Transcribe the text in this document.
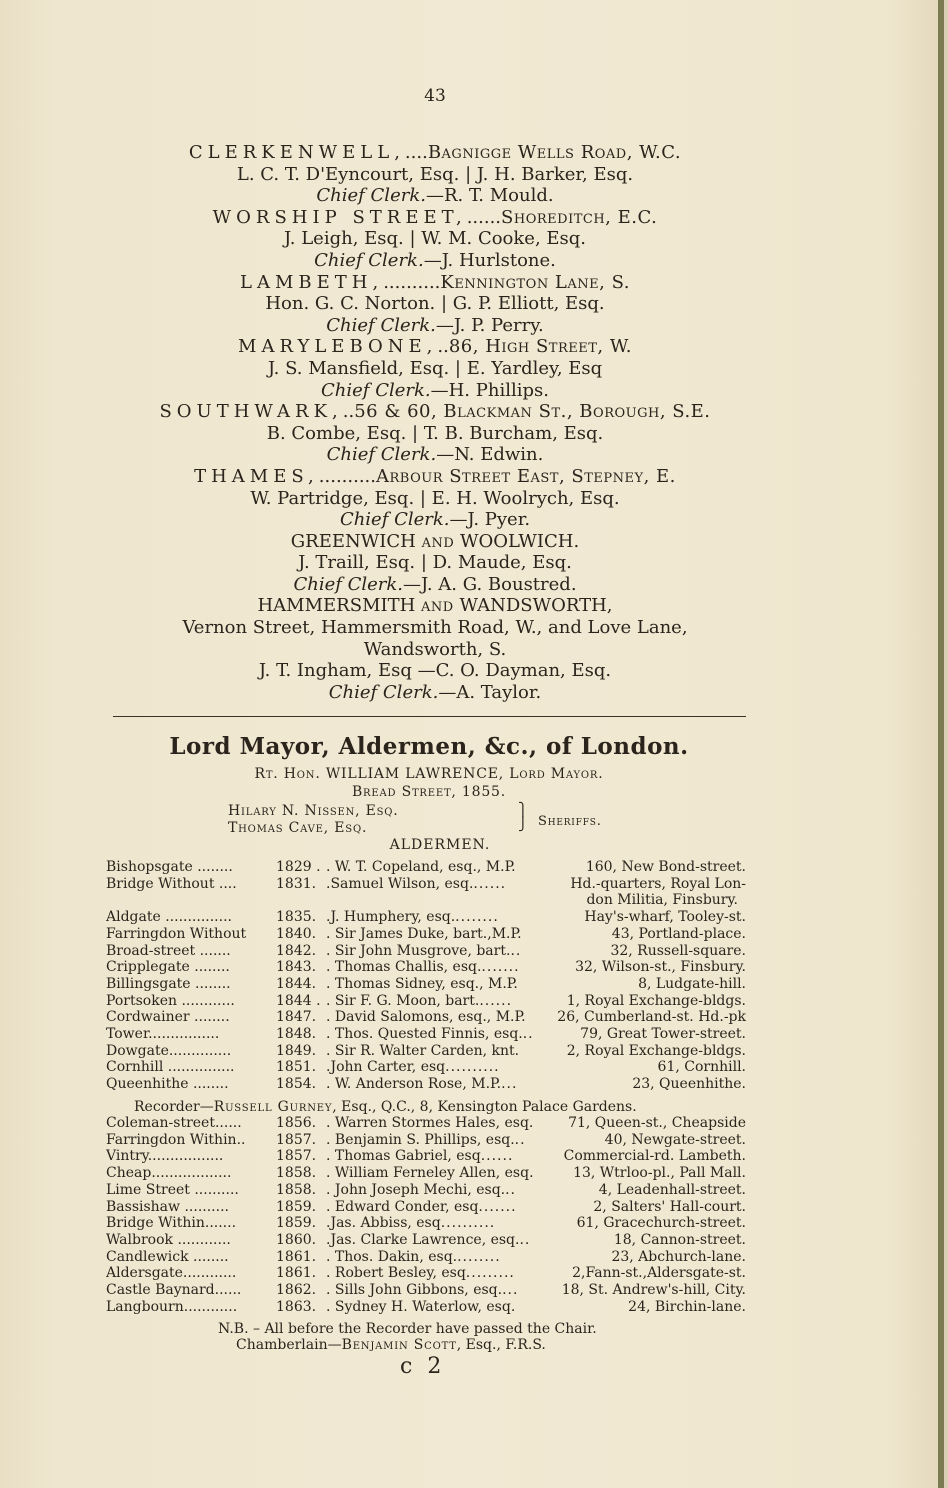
43
CLERKENWELL,....Bagnigge Wells Road, W.C.
L. C. T. D'Eyncourt, Esq. | J. H. Barker, Esq.
Chief Clerk.—R. T. Mould.
WORSHIP STREET,......Shoreditch, E.C.
J. Leigh, Esq. | W. M. Cooke, Esq.
Chief Clerk.—J. Hurlstone.
LAMBETH,..........Kennington Lane, S.
Hon. G. C. Norton. | G. P. Elliott, Esq.
Chief Clerk.—J. P. Perry.
MARYLEBONE,..86, High Street, W.
J. S. Mansfield, Esq. | E. Yardley, Esq
Chief Clerk.—H. Phillips.
SOUTHWARK,..56 & 60, Blackman St., Borough, S.E.
B. Combe, Esq. | T. B. Burcham, Esq.
Chief Clerk.—N. Edwin.
THAMES,..........Arbour Street East, Stepney, E.
W. Partridge, Esq. | E. H. Woolrych, Esq.
Chief Clerk.—J. Pyer.
GREENWICH and WOOLWICH.
J. Traill, Esq. | D. Maude, Esq.
Chief Clerk.—J. A. G. Boustred.
HAMMERSMITH and WANDSWORTH,
Vernon Street, Hammersmith Road, W., and Love Lane,
Wandsworth, S.
J. T. Ingham, Esq —C. O. Dayman, Esq.
Chief Clerk.—A. Taylor.
Lord Mayor, Aldermen, &c., of London.
Rt. Hon. WILLIAM LAWRENCE, Lord Mayor.
Bread Street, 1855.
Hilary N. Nissen, Esq.
Thomas Cave, Esq.
⎫
⎭ Sheriffs.
ALDERMEN.
Bishopsgate ........	1829 . . W. T. Copeland, esq., M.P.	160, New Bond-street.
Bridge Without ....	1831. .Samuel Wilson, esq. ......	Hd.-quarters, Royal Lon-
don Militia, Finsbury.
Aldgate ...............	1835. .J. Humphery, esq. ........	Hay's-wharf, Tooley-st.
Farringdon Without	1840. . Sir James Duke, bart.,M.P.	43, Portland-place.
Broad-street .......	1842. . Sir John Musgrove, bart. ..	32, Russell-square.
Cripplegate ........	1843. . Thomas Challis, esq. .......	32, Wilson-st., Finsbury.
Billingsgate ........	1844. . Thomas Sidney, esq., M.P.	8, Ludgate-hill.
Portsoken ............	1844 . . Sir F. G. Moon, bart. ......	1, Royal Exchange-bldgs.
Cordwainer ........	1847. . David Salomons, esq., M.P. 26, Cumberland-st. Hd.-pk
Tower................	1848. . Thos. Quested Finnis, esq. ..	79, Great Tower-street.
Dowgate..............	1849. . Sir R. Walter Carden, knt.	2, Royal Exchange-bldgs.
Cornhill ...............	1851. .John Carter, esq ..........	61, Cornhill.
Queenhithe ........	1854. . W. Anderson Rose, M.P. ...	23, Queenhithe.
Recorder—Russell Gurney, Esq., Q.C., 8, Kensington Palace Gardens.
Coleman-street......	1856. . Warren Stormes Hales, esq. 71, Queen-st., Cheapside
Farringdon Within..	1857. . Benjamin S. Phillips, esq. ..	40, Newgate-street.
Vintry.................	1857. . Thomas Gabriel, esq ......	Commercial-rd. Lambeth.
Cheap..................	1858. . William Ferneley Allen, esq.	13, Wtrloo-pl., Pall Mall.
Lime Street ..........	1858. . John Joseph Mechi, esq. ..	4, Leadenhall-street.
Bassishaw ..........	1859. . Edward Conder, esq .......	2, Salters' Hall-court.
Bridge Within.......	1859. .Jas. Abbiss, esq ..........	61, Gracechurch-street.
Walbrook ............	1860. .Jas. Clarke Lawrence, esq. ..	18, Cannon-street.
Candlewick ........	1861. . Thos. Dakin, esq. ........	23, Abchurch-lane.
Aldersgate............	1861. . Robert Besley, esq .........	2,Fann-st.,Aldersgate-st.
Castle Baynard......	1862. . Sills John Gibbons, esq. ...	18, St. Andrew's-hill, City.
Langbourn............	1863. . Sydney H. Waterlow, esq.	24, Birchin-lane.
N.B. – All before the Recorder have passed the Chair.
Chamberlain—Benjamin Scott, Esq., F.R.S.
c 2
